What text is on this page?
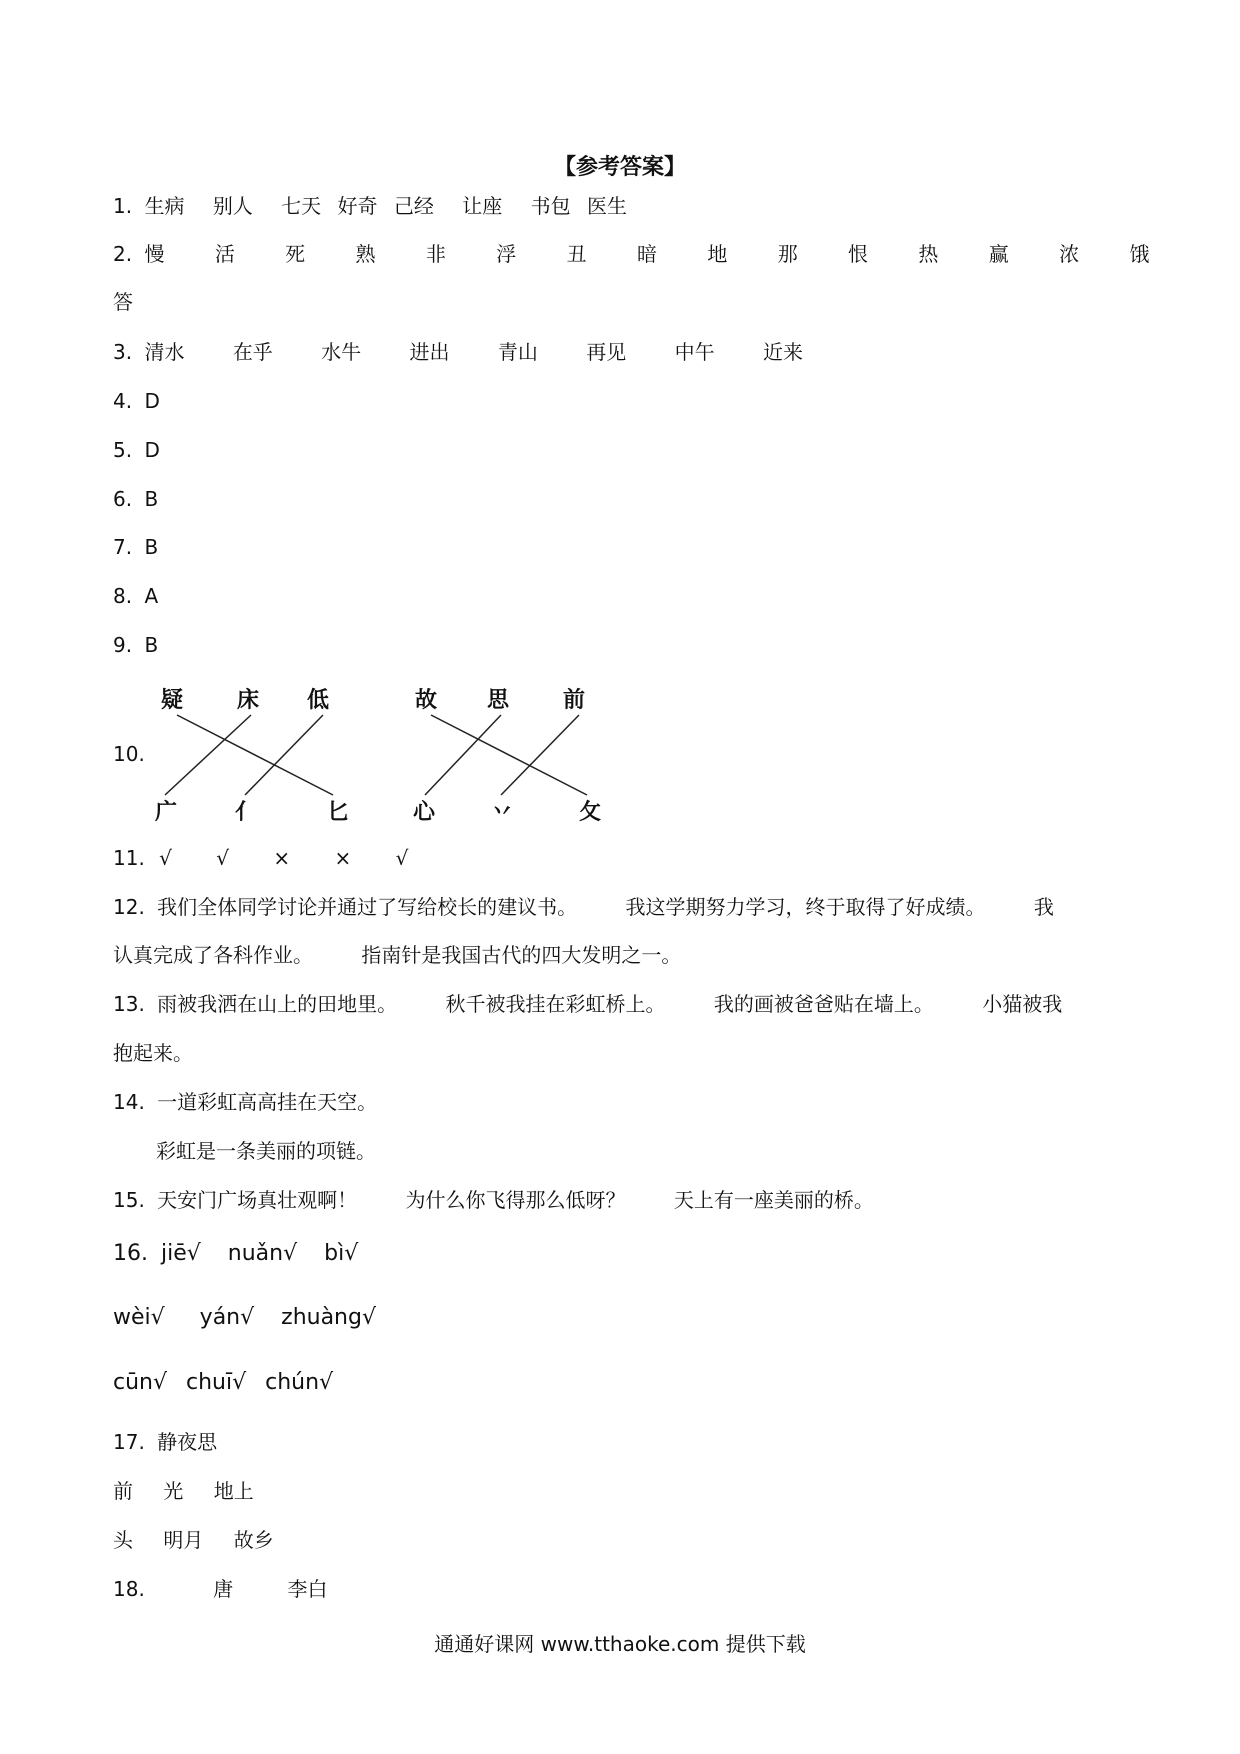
【参考答案】
1. 生病 别人 七天 好奇 己经 让座 书包 医生
2. 慢	活	死	熟	非	浮	丑	暗	地	那	恨	热	赢	浓	饿
答
3. 清水 在乎 水牛 进出 青山 再见 中午 近来
4. D
5. D
6. B
7. B
8. A
9. B
10.
疑 床 低	故 思 前
广	亻	匕	心	丷	攵
11. √ √ × × √
12. 我们全体同学讨论并通过了写给校长的建议书。 我这学期努力学习，终于取得了好成绩。 我
认真完成了各科作业。 指南针是我国古代的四大发明之一。
13. 雨被我洒在山上的田地里。 秋千被我挂在彩虹桥上。 我的画被爸爸贴在墙上。 小猫被我
抱起来。
14. 一道彩虹高高挂在天空。
彩虹是一条美丽的项链。
15. 天安门广场真壮观啊！ 为什么你飞得那么低呀？ 天上有一座美丽的桥。
16. jiē√ nuǎn√ bì√
wèi√ yán√ zhuàng√
cūn√ chuī√ chún√
17. 静夜思
前 光 地上
头 明月 故乡
18.	唐	李白
通通好课网 www.tthaoke.com 提供下载
